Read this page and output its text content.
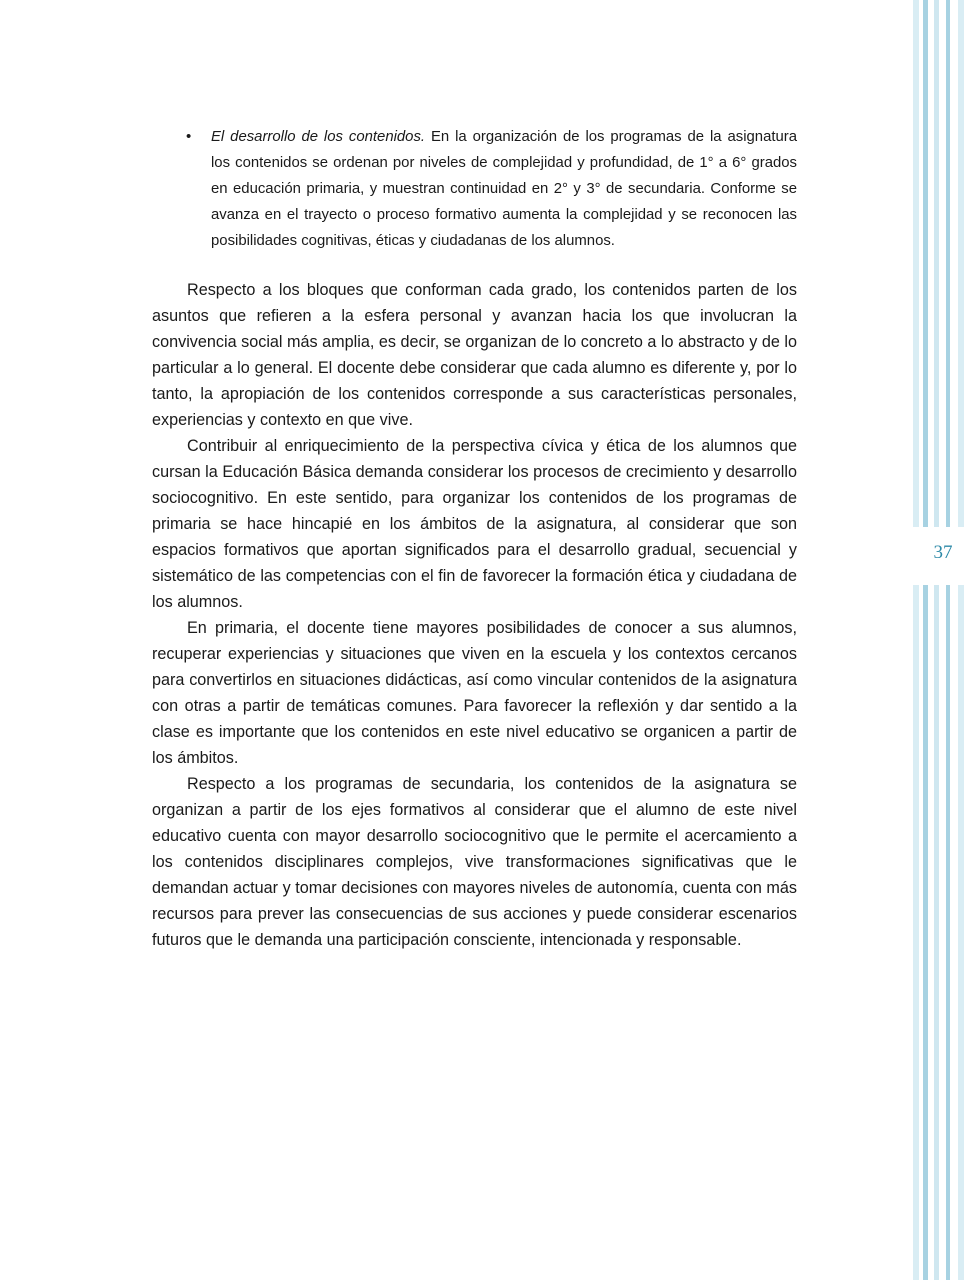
37
• El desarrollo de los contenidos. En la organización de los programas de la asignatura los contenidos se ordenan por niveles de complejidad y profundidad, de 1° a 6° grados en educación primaria, y muestran continuidad en 2° y 3° de secundaria. Conforme se avanza en el trayecto o proceso formativo aumenta la complejidad y se reconocen las posibilidades cognitivas, éticas y ciudadanas de los alumnos.

Respecto a los bloques que conforman cada grado, los contenidos parten de los asuntos que refieren a la esfera personal y avanzan hacia los que involucran la convivencia social más amplia, es decir, se organizan de lo concreto a lo abstracto y de lo particular a lo general. El docente debe considerar que cada alumno es diferente y, por lo tanto, la apropiación de los contenidos corresponde a sus características personales, experiencias y contexto en que vive.

Contribuir al enriquecimiento de la perspectiva cívica y ética de los alumnos que cursan la Educación Básica demanda considerar los procesos de crecimiento y desarrollo sociocognitivo. En este sentido, para organizar los contenidos de los programas de primaria se hace hincapié en los ámbitos de la asignatura, al considerar que son espacios formativos que aportan significados para el desarrollo gradual, secuencial y sistemático de las competencias con el fin de favorecer la formación ética y ciudadana de los alumnos.

En primaria, el docente tiene mayores posibilidades de conocer a sus alumnos, recuperar experiencias y situaciones que viven en la escuela y los contextos cercanos para convertirlos en situaciones didácticas, así como vincular contenidos de la asignatura con otras a partir de temáticas comunes. Para favorecer la reflexión y dar sentido a la clase es importante que los contenidos en este nivel educativo se organicen a partir de los ámbitos.

Respecto a los programas de secundaria, los contenidos de la asignatura se organizan a partir de los ejes formativos al considerar que el alumno de este nivel educativo cuenta con mayor desarrollo sociocognitivo que le permite el acercamiento a los contenidos disciplinares complejos, vive transformaciones significativas que le demandan actuar y tomar decisiones con mayores niveles de autonomía, cuenta con más recursos para prever las consecuencias de sus acciones y puede considerar escenarios futuros que le demanda una participación consciente, intencionada y responsable.
